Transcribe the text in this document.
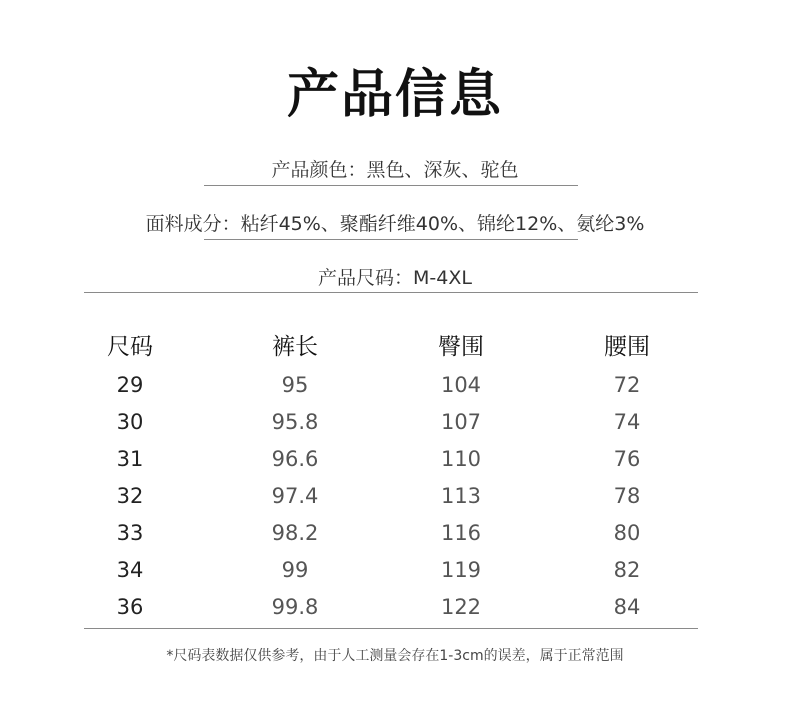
产品信息
产品颜色：黑色、深灰、驼色
面料成分：粘纤45%、聚酯纤维40%、锦纶12%、氨纶3%
产品尺码：M-4XL
尺码	裤长	臀围	腰围
29	95	104	72
30	95.8	107	74
31	96.6	110	76
32	97.4	113	78
33	98.2	116	80
34	99	119	82
36	99.8	122	84
*尺码表数据仅供参考，由于人工测量会存在1-3cm的误差，属于正常范围
